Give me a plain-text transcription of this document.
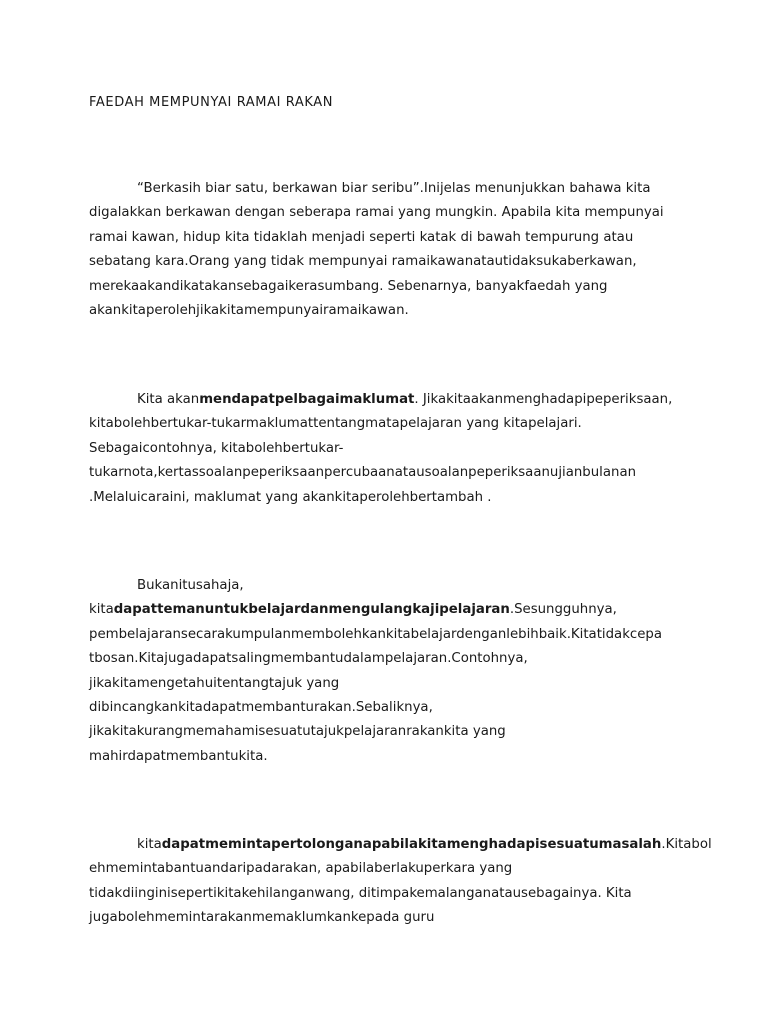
FAEDAH MEMPUNYAI RAMAI RAKAN
“Berkasih biar satu, berkawan biar seribu”.Inijelas menunjukkan bahawa kita
digalakkan berkawan dengan seberapa ramai yang mungkin. Apabila kita mempunyai
ramai kawan, hidup kita tidaklah menjadi seperti katak di bawah tempurung atau
sebatang kara.Orang yang tidak mempunyai ramaikawanatautidaksukaberkawan,
merekaakandikatakansebagaikerasumbang. Sebenarnya, banyakfaedah yang
akankitaperolehjikakitamempunyairamaikawan.
Kita akanmendapatpelbagaimaklumat. Jikakitaakanmenghadapipeperiksaan,
kitabolehbertukar-tukarmaklumattentangmatapelajaran yang kitapelajari.
Sebagaicontohnya, kitabolehbertukar-
tukarnota,kertassoalanpeperiksaanpercubaanatausoalanpeperiksaanujianbulanan
.Melaluicaraini, maklumat yang akankitaperolehbertambah .
Bukanitusahaja,
kitadapattemanuntukbelajardanmengulangkajipelajaran.Sesungguhnya,
pembelajaransecarakumpulanmembolehkankitabelajardenganlebihbaik.Kitatidakcepa
tbosan.Kitajugadapatsalingmembantudalampelajaran.Contohnya,
jikakitamengetahuitentangtajuk yang
dibincangkankitadapatmembanturakan.Sebaliknya,
jikakitakurangmemahamisesuatutajukpelajaranrakankita yang
mahirdapatmembantukita.
kitadapatmemintapertolonganapabilakitamenghadapisesuatumasalah.Kitabol
ehmemintabantuandaripadarakan, apabilaberlakuperkara yang
tidakdiinginisepertikitakehilanganwang, ditimpakemalanganatausebagainya. Kita
jugabolehmemintarakanmemaklumkankepada guru
